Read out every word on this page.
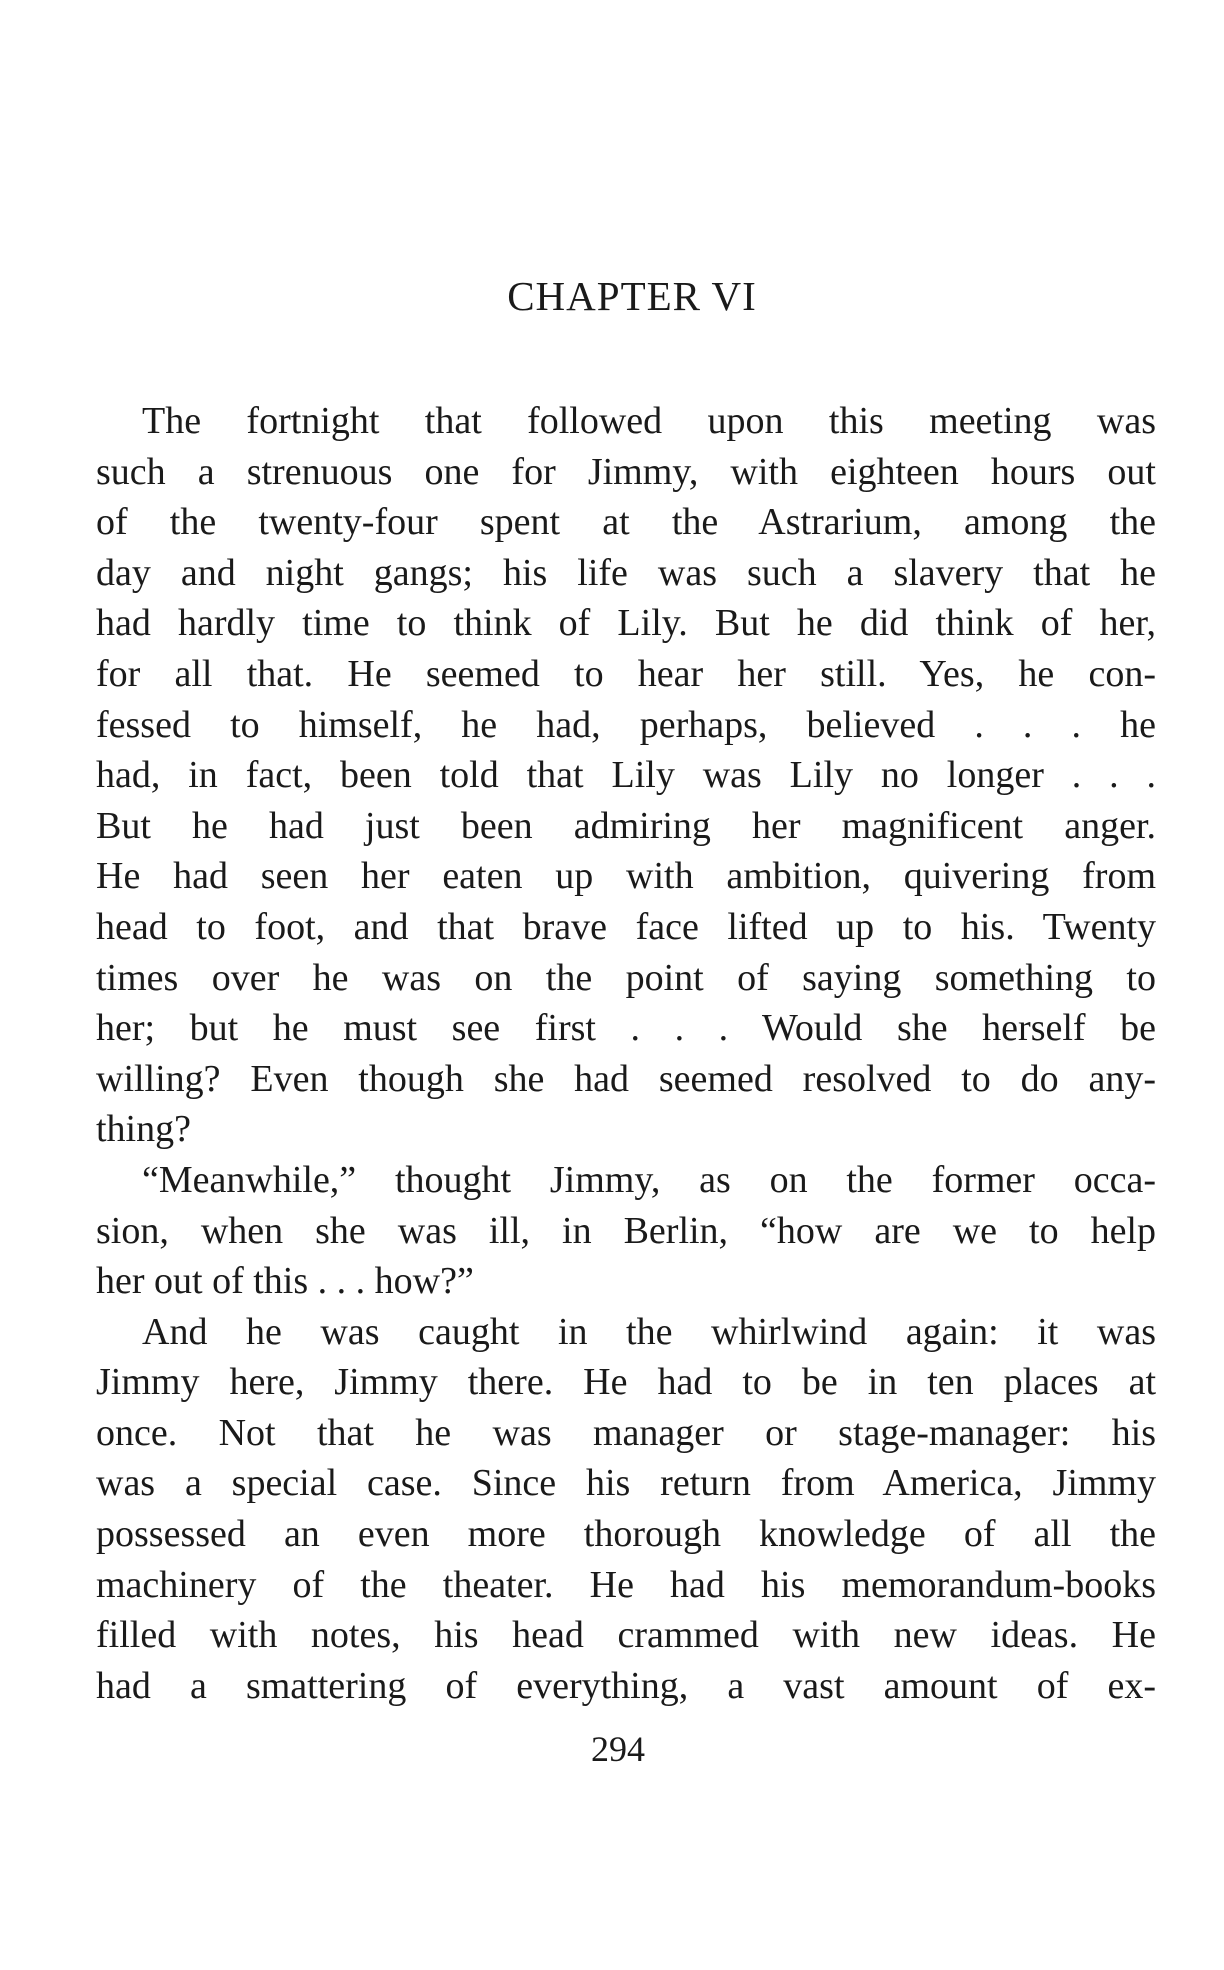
CHAPTER VI
The fortnight that followed upon this meeting was
such a strenuous one for Jimmy, with eighteen hours out
of the twenty-four spent at the Astrarium, among the
day and night gangs; his life was such a slavery that he
had hardly time to think of Lily. But he did think of her,
for all that. He seemed to hear her still. Yes, he con-
fessed to himself, he had, perhaps, believed . . . he
had, in fact, been told that Lily was Lily no longer . . .
But he had just been admiring her magnificent anger.
He had seen her eaten up with ambition, quivering from
head to foot, and that brave face lifted up to his. Twenty
times over he was on the point of saying something to
her; but he must see first . . . Would she herself be
willing? Even though she had seemed resolved to do any-
thing?
“Meanwhile,” thought Jimmy, as on the former occa-
sion, when she was ill, in Berlin, “how are we to help
her out of this . . . how?”
And he was caught in the whirlwind again: it was
Jimmy here, Jimmy there. He had to be in ten places at
once. Not that he was manager or stage-manager: his
was a special case. Since his return from America, Jimmy
possessed an even more thorough knowledge of all the
machinery of the theater. He had his memorandum-books
filled with notes, his head crammed with new ideas. He
had a smattering of everything, a vast amount of ex-
294
